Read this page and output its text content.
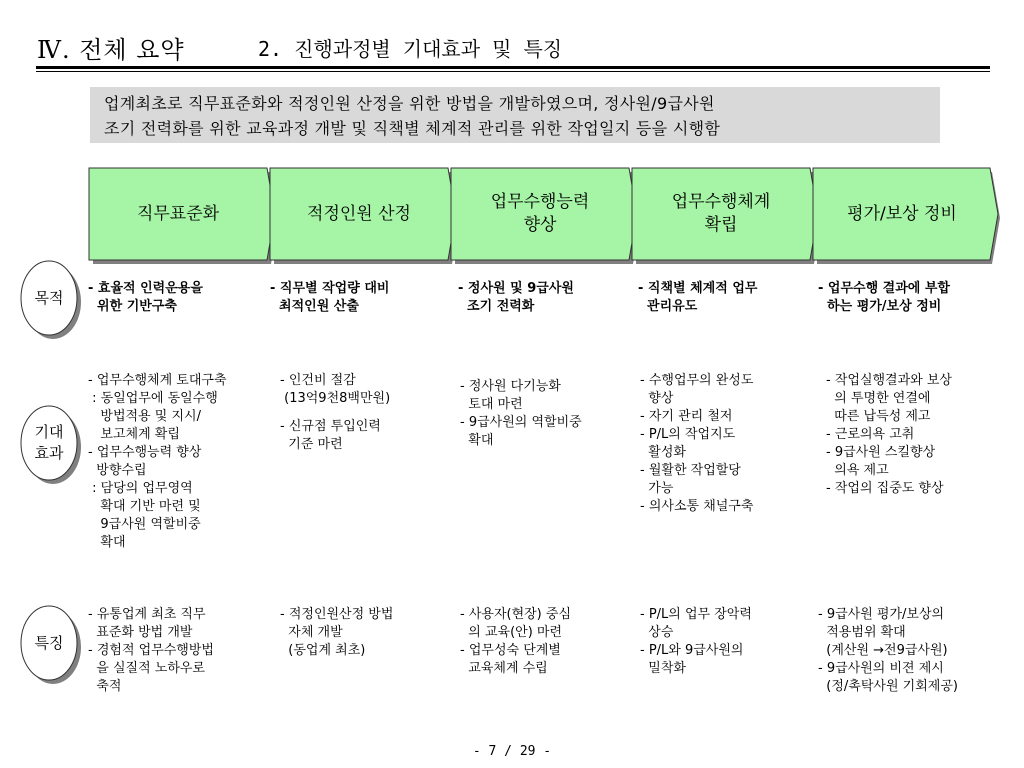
Ⅳ. 전체 요약	2. 진행과정별 기대효과 및 특징
업계최초로 직무표준화와 적정인원 산정을 위한 방법을 개발하였으며, 정사원/9급사원
조기 전력화를 위한 교육과정 개발 및 직책별 체계적 관리를 위한 작업일지 등을 시행함
직무표준화	적정인원 산정
업무수행능력
향상
업무수행체계
확립
평가/보상 정비
목적
기대
효과
특징
- 효율적 인력운용을
위한 기반구축
- 직무별 작업량 대비
최적인원 산출
- 정사원 및 9급사원
조기 전력화
- 직책별 체계적 업무
관리유도
- 업무수행 결과에 부합
하는 평가/보상 정비
- 업무수행체계 토대구축
: 동일업무에 동일수행
방법적용 및 지시/
보고체계 확립
- 업무수행능력 향상
방향수립
: 담당의 업무영역
확대 기반 마련 및
9급사원 역할비중
확대
- 인건비 절감
(13억9천8백만원)
- 신규점 투입인력
기준 마련
- 정사원 다기능화
토대 마련
- 9급사원의 역할비중
확대
- 수행업무의 완성도
향상
- 자기 관리 철저
- P/L의 작업지도
활성화
- 월활한 작업할당
가능
- 의사소통 채널구축
- 작업실행결과와 보상
의 투명한 연결에
따른 납득성 제고
- 근로의욕 고취
- 9급사원 스킬향상
의욕 제고
- 작업의 집중도 향상
- 유통업계 최초 직무
표준화 방법 개발
- 경험적 업무수행방법
을 실질적 노하우로
축적
- 적정인원산정 방법
자체 개발
(동업계 최초)
- 사용자(현장) 중심
의 교육(안) 마련
- 업무성숙 단계별
교육체계 수립
- P/L의 업무 장악력
상승
- P/L와 9급사원의
밀착화
- 9급사원 평가/보상의
적용범위 확대
(계산원 →전9급사원)
- 9급사원의 비젼 제시
(정/촉탁사원 기회제공)
- 7 / 29 -
